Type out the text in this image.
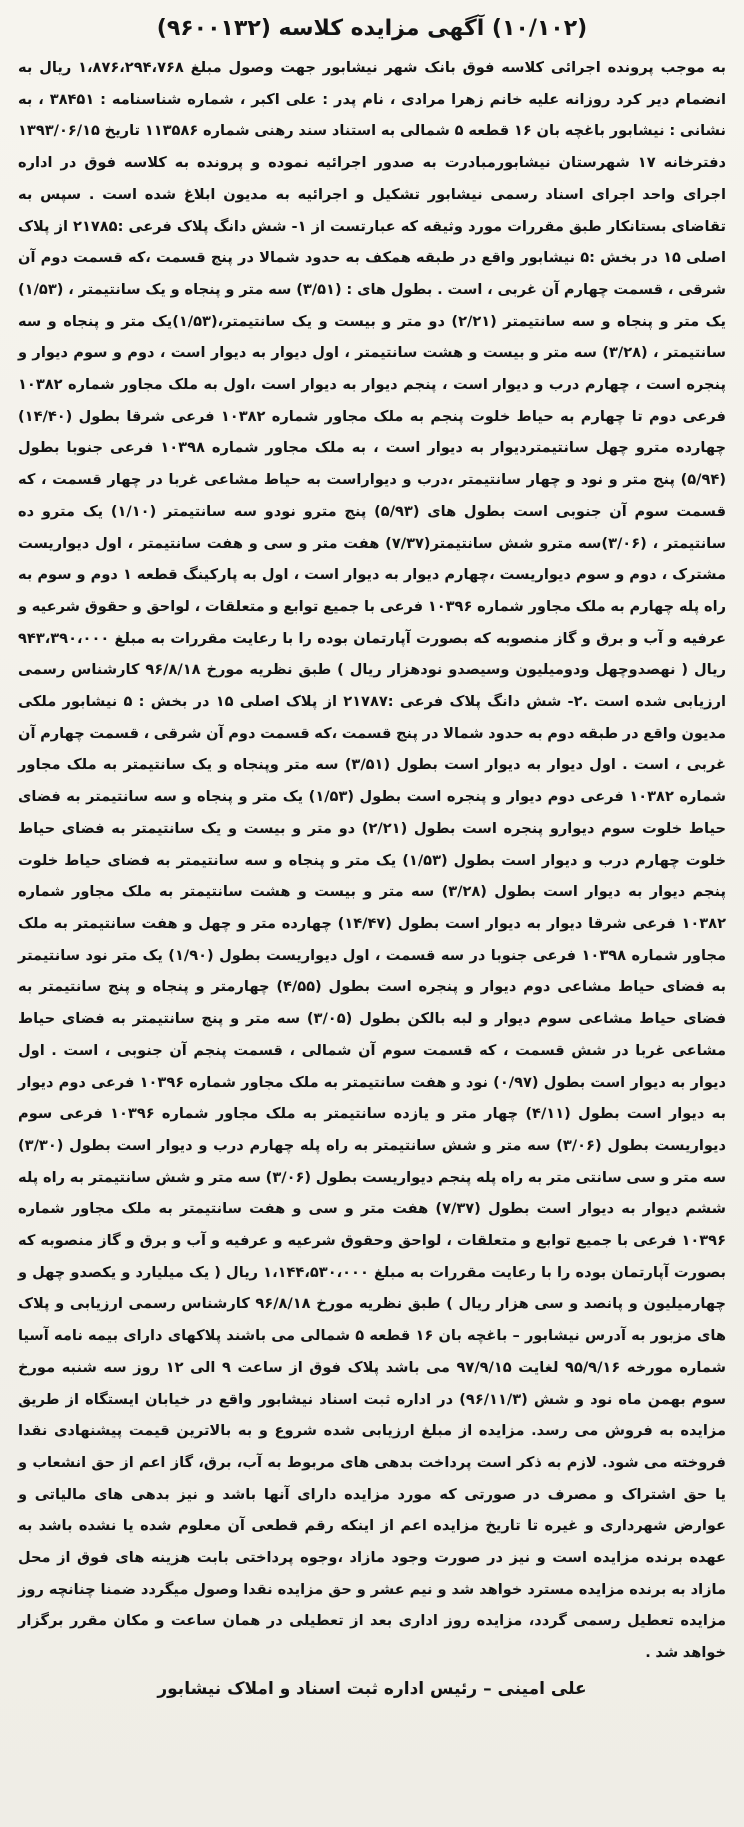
(۱۰/۱۰۲) آگهی مزایده کلاسه (۹۶۰۰۱۳۲)

به موجب پرونده اجرائی کلاسه فوق بانک شهر نیشابور جهت وصول مبلغ ۱،۸۷۶،۲۹۴،۷۶۸ ریال به انضمام دیر کرد روزانه علیه خانم زهرا مرادی ، نام پدر : علی اکبر ، شماره شناسنامه : ۳۸۴۵۱ ، به نشانی : نیشابور باغچه بان ۱۶ قطعه ۵ شمالی به استناد سند رهنی شماره ۱۱۳۵۸۶ تاریخ ۱۳۹۳/۰۶/۱۵ دفترخانه ۱۷ شهرستان نیشابورمبادرت به صدور اجرائیه نموده و پرونده به کلاسه فوق در اداره اجرای واحد اجرای اسناد رسمی نیشابور تشکیل و اجرائیه به مدیون ابلاغ شده است . سپس به تقاضای بستانکار طبق مقررات مورد وثیقه که عبارتست از ۱- شش دانگ پلاک فرعی :۲۱۷۸۵ از پلاک اصلی ۱۵ در بخش :۵ نیشابور واقع در طبقه همکف به حدود شمالا در پنج قسمت ،که قسمت دوم آن شرقی ، قسمت چهارم آن غربی ، است . بطول های : (۳/۵۱) سه متر و پنجاه و یک سانتیمتر ، (۱/۵۳) یک متر و پنجاه و سه سانتیمتر (۲/۲۱) دو متر و بیست و یک سانتیمتر،(۱/۵۳)یک متر و پنجاه و سه سانتیمتر ، (۳/۲۸) سه متر و بیست و هشت سانتیمتر ، اول دیوار به دیوار است ، دوم و سوم دیوار و پنجره است ، چهارم درب و دیوار است ، پنجم دیوار به دیوار است ،اول به ملک مجاور شماره ۱۰۳۸۲ فرعی دوم تا چهارم به حیاط خلوت پنجم به ملک مجاور شماره ۱۰۳۸۲ فرعی شرقا بطول (۱۴/۴۰) چهارده مترو چهل سانتیمتردیوار به دیوار است ، به ملک مجاور شماره ۱۰۳۹۸ فرعی جنوبا بطول (۵/۹۴) پنج متر و نود و چهار سانتیمتر ،درب و دیواراست به حیاط مشاعی غربا در چهار قسمت ، که قسمت سوم آن جنوبی است بطول های (۵/۹۳) پنج مترو نودو سه سانتیمتر (۱/۱۰) یک مترو ده سانتیمتر ، (۳/۰۶)سه مترو شش سانتیمتر(۷/۳۷) هفت متر و سی و هفت سانتیمتر ، اول دیواریست مشترک ، دوم و سوم دیواریست ،چهارم دیوار به دیوار است ، اول به پارکینگ قطعه ۱ دوم و سوم به راه پله چهارم به ملک مجاور شماره ۱۰۳۹۶ فرعی با جمیع توابع و متعلقات ، لواحق و حقوق شرعیه و عرفیه و آب و برق و گاز منصوبه که بصورت آپارتمان بوده را با رعایت مقررات به مبلغ ۹۴۳،۳۹۰،۰۰۰ ریال ( نهصدوچهل ودومیلیون وسیصدو نودهزار ریال ) طبق نظریه مورخ ۹۶/۸/۱۸ کارشناس رسمی ارزیابی شده است .۲- شش دانگ پلاک فرعی :۲۱۷۸۷ از پلاک اصلی ۱۵ در بخش : ۵ نیشابور ملکی مدیون واقع در طبقه دوم به حدود شمالا در پنج قسمت ،که قسمت دوم آن شرقی ، قسمت چهارم آن غربی ، است . اول دیوار به دیوار است بطول (۳/۵۱) سه متر وپنجاه و یک سانتیمتر به ملک مجاور شماره ۱۰۳۸۲ فرعی دوم دیوار و پنجره است بطول (۱/۵۳) یک متر و پنجاه و سه سانتیمتر به فضای حیاط خلوت سوم دیوارو پنجره است بطول (۲/۲۱) دو متر و بیست و یک سانتیمتر به فضای حیاط خلوت چهارم درب و دیوار است بطول (۱/۵۳) یک متر و پنجاه و سه سانتیمتر به فضای حیاط خلوت پنجم دیوار به دیوار است بطول (۳/۲۸) سه متر و بیست و هشت سانتیمتر به ملک مجاور شماره ۱۰۳۸۲ فرعی شرقا دیوار به دیوار است بطول (۱۴/۴۷) چهارده متر و چهل و هفت سانتیمتر به ملک مجاور شماره ۱۰۳۹۸ فرعی جنوبا در سه قسمت ، اول دیواریست بطول (۱/۹۰) یک متر نود سانتیمتر به فضای حیاط مشاعی دوم دیوار و پنجره است بطول (۴/۵۵) چهارمتر و پنجاه و پنج سانتیمتر به فضای حیاط مشاعی سوم دیوار و لبه بالکن بطول (۳/۰۵) سه متر و پنج سانتیمتر به فضای حیاط مشاعی غربا در شش قسمت ، که قسمت سوم آن شمالی ، قسمت پنجم آن جنوبی ، است . اول دیوار به دیوار است بطول (۰/۹۷) نود و هفت سانتیمتر به ملک مجاور شماره ۱۰۳۹۶ فرعی دوم دیوار به دیوار است بطول (۴/۱۱) چهار متر و یازده سانتیمتر به ملک مجاور شماره ۱۰۳۹۶ فرعی سوم دیواریست بطول (۳/۰۶) سه متر و شش سانتیمتر به راه پله چهارم درب و دیوار است بطول (۳/۳۰) سه متر و سی سانتی متر به راه پله پنجم دیواریست بطول (۳/۰۶) سه متر و شش سانتیمتر به راه پله ششم دیوار به دیوار است بطول (۷/۳۷) هفت متر و سی و هفت سانتیمتر به ملک مجاور شماره ۱۰۳۹۶ فرعی با جمیع توابع و متعلقات ، لواحق وحقوق شرعیه و عرفیه و آب و برق و گاز منصوبه که بصورت آپارتمان بوده را با رعایت مقررات به مبلغ ۱،۱۴۴،۵۳۰،۰۰۰ ریال ( یک میلیارد و یکصدو چهل و چهارمیلیون و پانصد و سی هزار ریال ) طبق نظریه مورخ ۹۶/۸/۱۸ کارشناس رسمی ارزیابی و پلاک های مزبور به آدرس نیشابور – باغچه بان ۱۶ قطعه ۵ شمالی می باشند پلاکهای دارای بیمه نامه آسیا شماره مورخه ۹۵/۹/۱۶ لغایت ۹۷/۹/۱۵ می باشد پلاک فوق از ساعت ۹ الی ۱۲ روز سه شنبه مورخ سوم بهمن ماه نود و شش (۹۶/۱۱/۳) در اداره ثبت اسناد نیشابور واقع در خیابان ایستگاه از طریق مزایده به فروش می رسد. مزایده از مبلغ ارزیابی شده شروع و به بالاترین قیمت پیشنهادی نقدا فروخته می شود. لازم به ذکر است پرداخت بدهی های مربوط به آب، برق، گاز اعم از حق انشعاب و یا حق اشتراک و مصرف در صورتی که مورد مزایده دارای آنها باشد و نیز بدهی های مالیاتی و عوارض شهرداری و غیره تا تاریخ مزایده اعم از اینکه رقم قطعی آن معلوم شده یا نشده باشد به عهده برنده مزایده است و نیز در صورت وجود مازاد ،وجوه پرداختی بابت هزینه های فوق از محل مازاد به برنده مزایده مسترد خواهد شد و نیم عشر و حق مزایده نقدا وصول میگردد ضمنا چنانچه روز مزایده تعطیل رسمی گردد، مزایده روز اداری بعد از تعطیلی در همان ساعت و مکان مقرر برگزار خواهد شد .

علی امینی – رئیس اداره ثبت اسناد و املاک نیشابور
